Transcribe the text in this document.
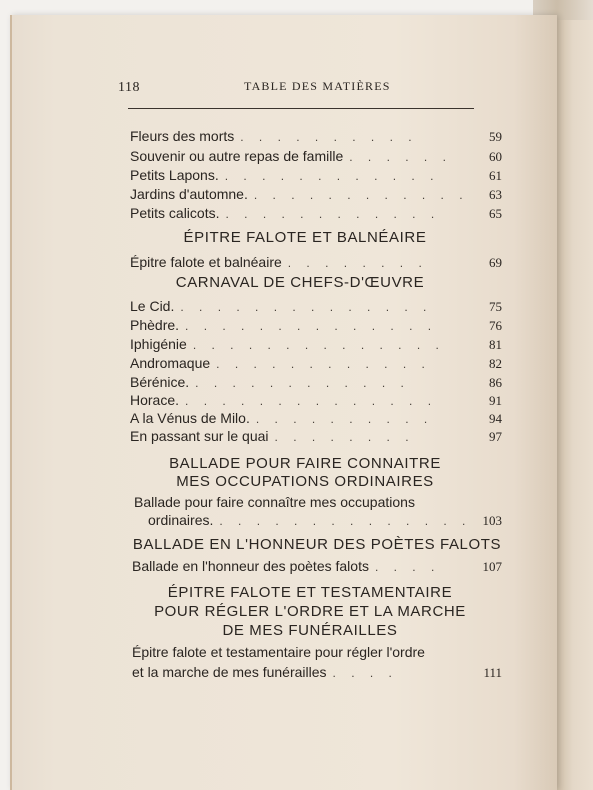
118	TABLE DES MATIÈRES
Fleurs des morts . . . . . . . . . .	59
Souvenir ou autre repas de famille . . . . . .	60
Petits Lapons. . . . . . . . . . . . .	61
Jardins d'automne. . . . . . . . . . . . .	63
Petits calicots. . . . . . . . . . . . .	65
ÉPITRE FALOTE ET BALNÉAIRE
Épitre falote et balnéaire . . . . . . . .	69
CARNAVAL DE CHEFS-D'ŒUVRE
Le Cid. . . . . . . . . . . . . . .	75
Phèdre. . . . . . . . . . . . . . .	76
Iphigénie . . . . . . . . . . . . . .	81
Andromaque . . . . . . . . . . . .	82
Bérénice. . . . . . . . . . . . .	86
Horace. . . . . . . . . . . . . . .	91
A la Vénus de Milo. . . . . . . . . . .	94
En passant sur le quai . . . . . . . .	97
BALLADE POUR FAIRE CONNAITRE
MES OCCUPATIONS ORDINAIRES
Ballade pour faire connaître mes occupations
ordinaires. . . . . . . . . . . . . . . 103
BALLADE EN L'HONNEUR DES POÈTES FALOTS
Ballade en l'honneur des poètes falots . . . .	107
ÉPITRE FALOTE ET TESTAMENTAIRE
POUR RÉGLER L'ORDRE ET LA MARCHE
DE MES FUNÉRAILLES
Épitre falote et testamentaire pour régler l'ordre
et la marche de mes funérailles . . . .	111
